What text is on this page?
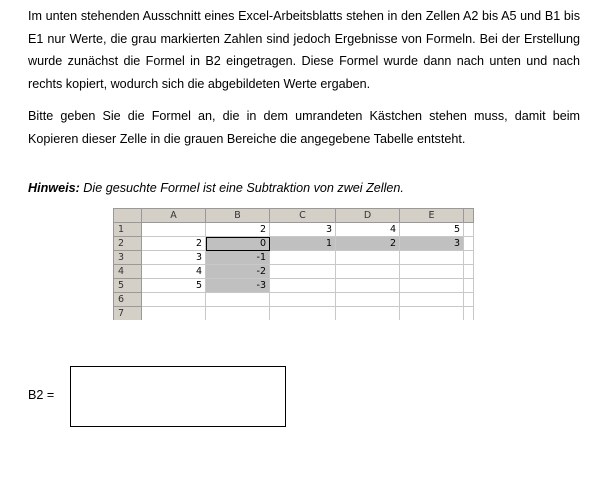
Im unten stehenden Ausschnitt eines Excel-Arbeitsblatts stehen in den Zellen A2 bis A5 und B1 bis E1 nur Werte, die grau markierten Zahlen sind jedoch Ergebnisse von Formeln. Bei der Erstellung wurde zunächst die Formel in B2 eingetragen. Diese Formel wurde dann nach unten und nach rechts kopiert, wodurch sich die abgebildeten Werte ergaben.

Bitte geben Sie die Formel an, die in dem umrandeten Kästchen stehen muss, damit beim Kopieren dieser Zelle in die grauen Bereiche die angegebene Tabelle entsteht.

Hinweis: Die gesuchte Formel ist eine Subtraktion von zwei Zellen.
	A	B	C	D	E	
1		2	3	4	5	
2	2	0	1	2	3	
3	3	-1				
4	4	-2				
5	5	-3				
6						
7						
B2 =
